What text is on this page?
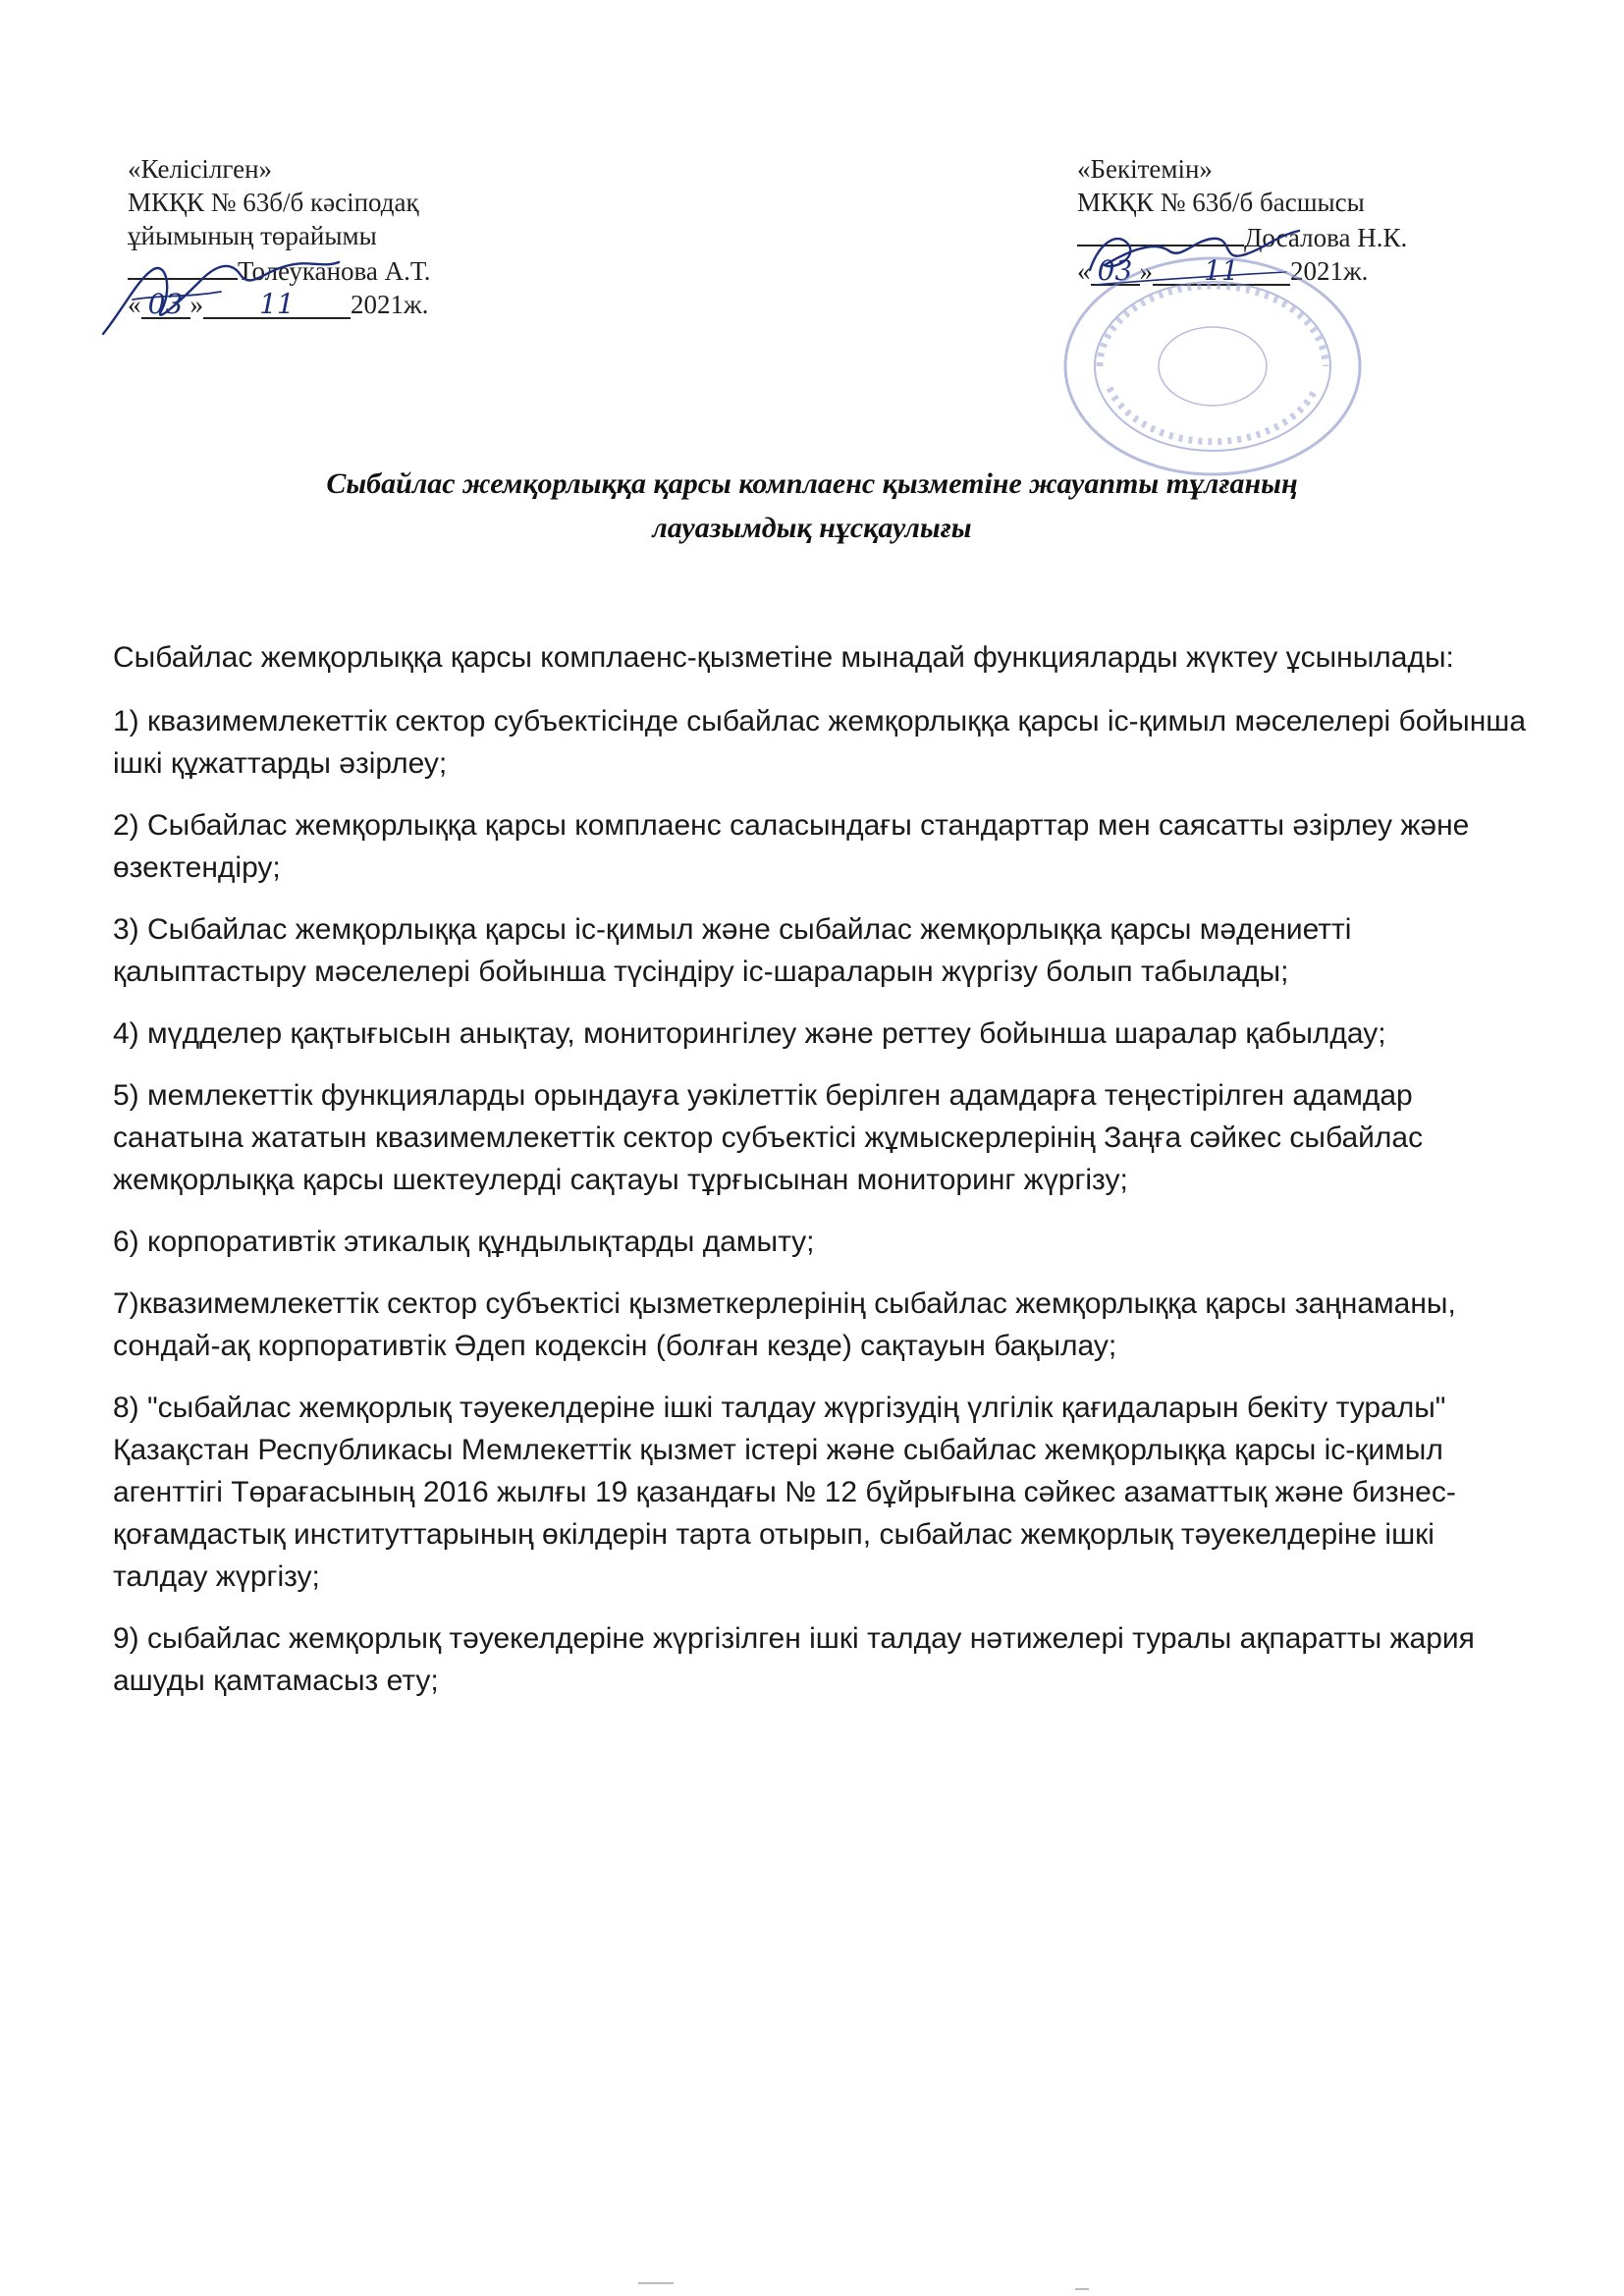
«Келісілген»
МКҚК № 63б/б кәсіподақ
ұйымының төрайымы
Толеуканова А.Т.
« 03 » 11 2021ж.
«Бекітемін»
МКҚК № 63б/б басшысы
Досалова Н.К.
« 03 » 11 2021ж.
Сыбайлас жемқорлыққа қарсы комплаенс қызметіне жауапты тұлғаның
лауазымдық нұсқаулығы

Сыбайлас жемқорлыққа қарсы комплаенс-қызметіне мынадай функцияларды жүктеу ұсынылады:

1) квазимемлекеттік сектор субъектісінде сыбайлас жемқорлыққа қарсы іс-қимыл мәселелері бойынша ішкі құжаттарды әзірлеу;

2) Сыбайлас жемқорлыққа қарсы комплаенс саласындағы стандарттар мен саясатты әзірлеу және өзектендіру;

3) Сыбайлас жемқорлыққа қарсы іс-қимыл және сыбайлас жемқорлыққа қарсы мәдениетті қалыптастыру мәселелері бойынша түсіндіру іс-шараларын жүргізу болып табылады;

4) мүдделер қақтығысын анықтау, мониторингілеу және реттеу бойынша шаралар қабылдау;

5) мемлекеттік функцияларды орындауға уәкілеттік берілген адамдарға теңестірілген адамдар санатына жататын квазимемлекеттік сектор субъектісі жұмыскерлерінің Заңға сәйкес сыбайлас жемқорлыққа қарсы шектеулерді сақтауы тұрғысынан мониторинг жүргізу;

6) корпоративтік этикалық құндылықтарды дамыту;

7)квазимемлекеттік сектор субъектісі қызметкерлерінің сыбайлас жемқорлыққа қарсы заңнаманы, сондай-ақ корпоративтік Әдеп кодексін (болған кезде) сақтауын бақылау;

8) "сыбайлас жемқорлық тәуекелдеріне ішкі талдау жүргізудің үлгілік қағидаларын бекіту туралы" Қазақстан Республикасы Мемлекеттік қызмет істері және сыбайлас жемқорлыққа қарсы іс-қимыл агенттігі Төрағасының 2016 жылғы 19 қазандағы № 12 бұйрығына сәйкес азаматтық және бизнес-қоғамдастық институттарының өкілдерін тарта отырып, сыбайлас жемқорлық тәуекелдеріне ішкі талдау жүргізу;

9) сыбайлас жемқорлық тәуекелдеріне жүргізілген ішкі талдау нәтижелері туралы ақпаратты жария ашуды қамтамасыз ету;
